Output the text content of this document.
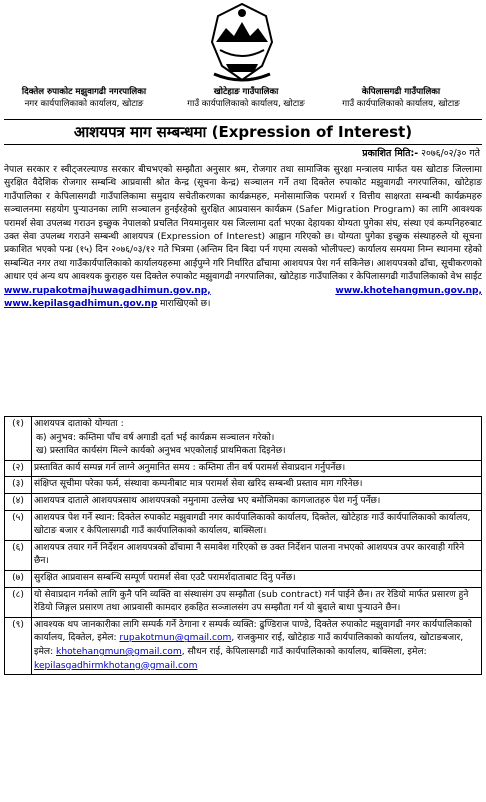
दिक्तेल रुपाकोट मझुवागढी नगरपालिका
नगर कार्यपालिकाको कार्यालय, खोटाङ
खोटेहाङ गाउँपालिका
गाउँ कार्यपालिकाको कार्यालय, खोटाङ
केपिलासगढी गाउँपालिका
गाउँ कार्यपालिकाको कार्यालय, खोटाङ
आशयपत्र माग सम्बन्धमा (Expression of Interest)
प्रकाशित मिति:- २०७६/०२/३० गते
नेपाल सरकार र स्वीट्जरल्याण्ड सरकार बीचभएको सम्झौता अनुसार श्रम, रोजगार तथा सामाजिक सुरक्षा मन्त्रालय मार्फत यस खोटाङ जिल्लामा सुरक्षित वैदेशिक रोजगार सम्बन्धि आप्रवासी श्रोत केन्द्र (सूचना केन्द्र) सञ्चालन गर्ने तथा दिक्तेल रुपाकोट मझुवागढी नगरपालिका, खोटेहाङ गाउँपालिका र केपिलासगढी गाउँपालिकामा समुदाय सचेतीकरणका कार्यक्रमहरु, मनोसामाजिक परामर्श र वित्तीय साक्षरता सम्बन्धी कार्यक्रमहरु सञ्चालनमा सहयोग पुऱ्याउनका लागि सञ्चालन हुनईरहेको सुरक्षित आप्रवासन कार्यक्रम (Safer Migration Program) का लागि आवश्यक परामर्श सेवा उपलब्ध गराउन इच्छुक नेपालको प्रचलित नियमानुसार यस जिल्लामा दर्ता भएका देहायका योग्यता पुगेका संघ, संस्था एवं कम्पनिहरुबाट उक्त सेवा उपलब्ध गराउने सम्बन्धी आशयपत्र (Expression of Interest) आह्वान गरिएको छ। योग्यता पुगेका इच्छुक संस्थाहरुले यो सूचना प्रकाशित भएको पन्ध्र (१५) दिन २०७६/०३/१२ गते भित्रमा (अन्तिम दिन बिदा पर्न गएमा त्यसको भोलीपल्ट) कार्यालय समयमा निम्न स्थानमा रहेको सम्बन्धित नगर तथा गाउँकार्यपालिकाको कार्यालयहरुमा आईपुग्ने गरि निर्धारित ढाँचामा आशयपत्र पेश गर्न सकिनेछ। आशयपत्रको ढाँचा, सूचीकरणको आधार एवं अन्य थप आवश्यक कुराहरु यस दिक्तेल रुपाकोट मझुवागढी नगरपालिका, खोटेहाङ गाउँपालिका र केपिलासगढी गाउँपालिकाको वेभ साईट www.rupakotmajhuwagadhimun.gov.np,	www.khotehangmun.gov.np, www.kepilasgadhimun.gov.np माराखिएको छ।
(१)	आशयपत्र दाताको योग्यता :
क) अनुभव: कम्तिमा पाँच वर्ष अगाडी दर्ता भई कार्यक्रम सञ्चालन गरेको।
ख) प्रस्तावित कार्यसंग मिल्ने कार्यको अनुभव भएकोलाई प्राथमिकता दिइनेछ।
(२)	प्रस्तावित कार्य सम्पन्न गर्न लाग्ने अनुमानित समय : कम्तिमा तीन वर्ष परामर्श सेवाप्रदान गर्नुपर्नेछ।
(३)	संक्षिप्त सूचीमा परेका फर्म, संस्थावा कम्पनीबाट मात्र परामर्श सेवा खरिद सम्बन्धी प्रस्ताव माग गरिनेछ।
(४)	आशयपत्र दाताले आशयपत्रसाथ आशयपत्रको नमुनामा उल्लेख भए बमोजिमका कागजातहरु पेश गर्नु पर्नेछ।
(५)	आशयपत्र पेश गर्ने स्थान: दिक्तेल रुपाकोट मझुवागढी नगर कार्यपालिकाको कार्यालय, दिक्तेल, खोटेहाङ गाउँ कार्यपालिकाको कार्यालय, खोटाङ बजार र केपिलासगढी गाउँ कार्यपालिकाको कार्यालय, बाक्सिला।
(६)	आशयपत्र तयार गर्ने निर्देशन आशयपत्रको ढाँचामा नै समावेश गरिएको छ उक्त निर्देशन पालना नभएको आशयपत्र उपर कारवाही गरिने छैन।
(७)	सुरक्षित आप्रवासन सम्बन्धि सम्पूर्ण परामर्श सेवा एउटै परामर्शदाताबाट दिनु पर्नेछ।
(८)	यो सेवाप्रदान गर्नको लागि कुनै पनि व्यक्ति वा संस्थासंग उप सम्झौता (sub contract) गर्न पाईने छैन। तर रेडियो मार्फत प्रसारण हुने रेडियो जिङ्गल प्रसारण तथा आप्रवासी कामदार हकहित सञ्जालसंग उप सम्झौता गर्न यो बुदाले बाधा पुऱ्याउने छैन।
(९)	आवश्यक थप जानकारीका लागि सम्पर्क गर्ने ठेगाना र सम्पर्क व्यक्ति: ढुण्डिराज पाण्डे, दिक्तेल रुपाकोट मझुवागढी नगर कार्यपालिकाको कार्यालय, दिक्तेल, इमेल: rupakotmun@gmail.com, राजकुमार राई, खोटेहाङ गाउँ कार्यपालिकाको कार्यालय, खोटाङबजार, इमेल: khotehangmun@gmail.com, सौधन राई, केपिलासगढी गाउँ कार्यपालिकाको कार्यालय, बाक्सिला, इमेल: kepilasgadhirmkhotang@gmail.com
